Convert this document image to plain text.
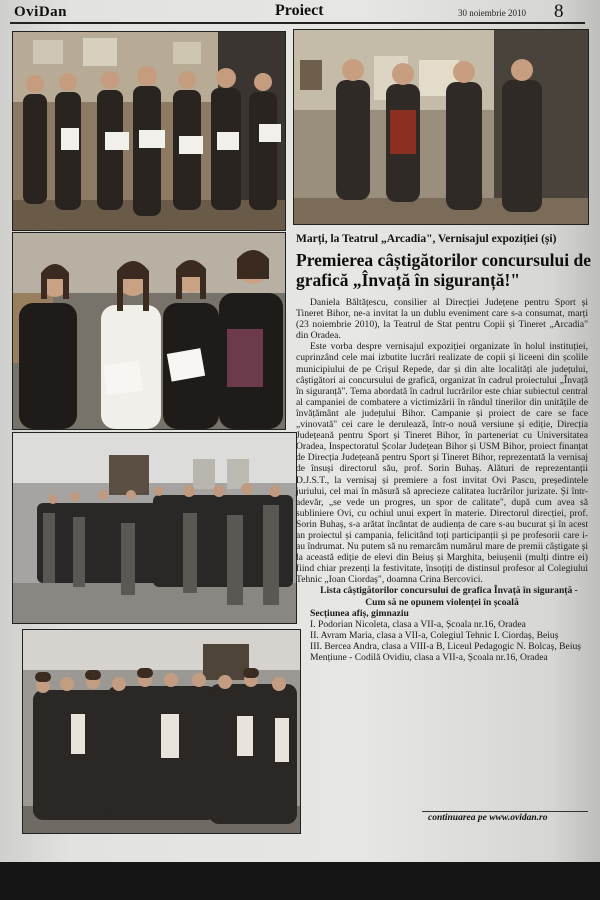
OviDan	Proiect	30 noiembrie 2010 8
Marți, la Teatrul „Arcadia", Vernisajul expoziției (și)
Premierea câștigătorilor concursului de grafică „Învață în siguranță!"

Daniela Băltățescu, consilier al Direcției Județene pentru Sport și Tineret Bihor, ne-a invitat la un dublu eveniment care s-a consumat, marți (23 noiembrie 2010), la Teatrul de Stat pentru Copii și Tineret „Arcadia" din Oradea.

Este vorba despre vernisajul expoziției organizate în holul instituției, cuprinzând cele mai izbutite lucrări realizate de copii și liceeni din școlile municipiului de pe Crișul Repede, dar și din alte localități ale județului, câștigători ai concursului de grafică, organizat în cadrul proiectului „Învață în siguranță". Tema abordată în cadrul lucrărilor este chiar subiectul central al campaniei de combatere a victimizării în rândul tinerilor din unitățile de învățământ ale județului Bihor. Campanie și proiect de care se face „vinovată" cei care le derulează, într-o nouă versiune și ediție, Direcția Județeană pentru Sport și Tineret Bihor, în parteneriat cu Universitatea Oradea, Inspectoratul Școlar Județean Bihor și USM Bihor, proiect finanțat de Direcția Județeană pentru Sport și Tineret Bihor, reprezentată la vernisaj de însuși directorul său, prof. Sorin Buhaș. Alături de reprezentanții D.J.S.T., la vernisaj și premiere a fost invitat Ovi Pascu, președintele juriului, cel mai în măsură să aprecieze calitatea lucrărilor jurizate. Și într-adevăr, „se vede un progres, un spor de calitate", după cum avea să subliniere Ovi, cu ochiul unui expert în materie. Directorul direcției, prof. Sorin Buhaș, s-a arătat încântat de audiența de care s-au bucurat și în acest an proiectul și campania, felicitând toți participanții și pe profesorii care i-au îndrumat. Nu putem să nu remarcăm numărul mare de premii câștigate și la această ediție de elevi din Beiuș și Marghita, beiușenii (mulți dintre ei) fiind chiar prezenți la festivitate, însoțiți de distinsul profesor al Colegiului Tehnic „Ioan Ciordaș", doamna Crina Bercovici.

Lista câștigătorilor concursului de grafica Învață în siguranță - Cum să ne opunem violenței în școală

Secțiunea afiș, gimnaziu

I. Podorian Nicoleta, clasa a VII-a, Școala nr.16, Oradea

II. Avram Maria, clasa a VII-a, Colegiul Tehnic I. Ciordaș, Beiuș

III. Bercea Andra, clasa a VIII-a B, Liceul Pedagogic N. Bolcaș, Beiuș

Mențiune - Codilă Ovidiu, clasa a VII-a, Școala nr.16, Oradea

continuarea pe www.ovidan.ro
